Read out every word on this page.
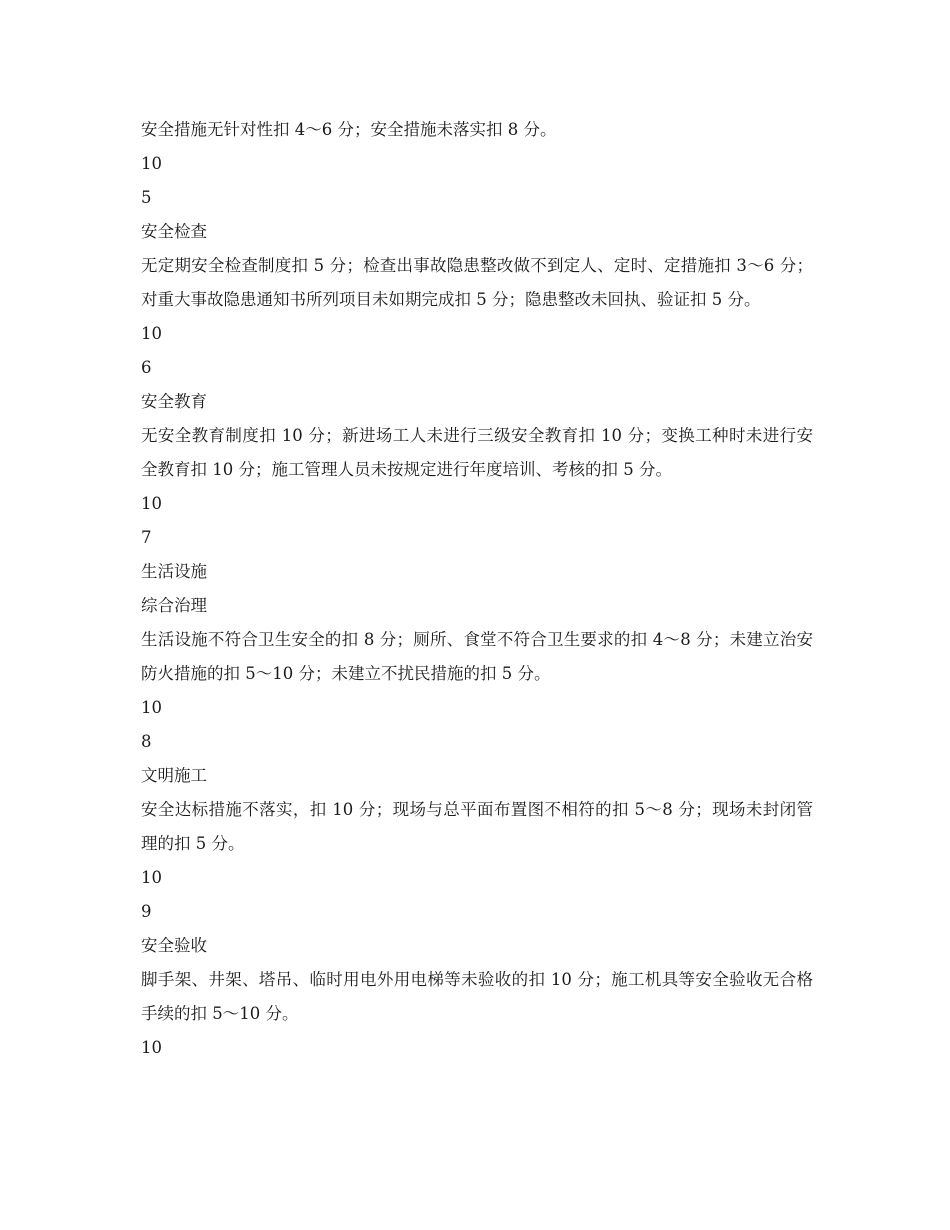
安全措施无针对性扣 4～6 分；安全措施未落实扣 8 分。
10
5
安全检查
无定期安全检查制度扣 5 分；检查出事故隐患整改做不到定人、定时、定措施扣 3～6 分；对重大事故隐患通知书所列项目未如期完成扣 5 分；隐患整改未回执、验证扣 5 分。
10
6
安全教育
无安全教育制度扣 10 分；新进场工人未进行三级安全教育扣 10 分；变换工种时未进行安全教育扣 10 分；施工管理人员未按规定进行年度培训、考核的扣 5 分。
10
7
生活设施
综合治理
生活设施不符合卫生安全的扣 8 分；厕所、食堂不符合卫生要求的扣 4～8 分；未建立治安防火措施的扣 5～10 分；未建立不扰民措施的扣 5 分。
10
8
文明施工
安全达标措施不落实，扣 10 分；现场与总平面布置图不相符的扣 5～8 分；现场未封闭管理的扣 5 分。
10
9
安全验收
脚手架、井架、塔吊、临时用电外用电梯等未验收的扣 10 分；施工机具等安全验收无合格手续的扣 5～10 分。
10
